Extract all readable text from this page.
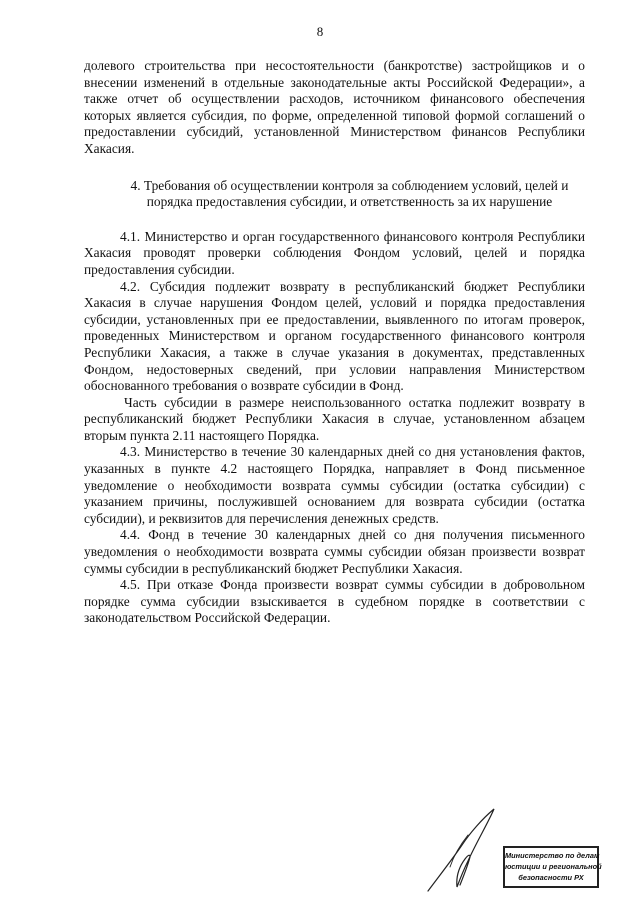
8

долевого строительства при несостоятельности (банкротстве) застройщиков и о внесении изменений в отдельные законодательные акты Российской Федерации», а также отчет об осуществлении расходов, источником финансового обеспечения которых является субсидия, по форме, определенной типовой формой соглашений о предоставлении субсидий, установленной Министерством финансов Республики Хакасия.

4. Требования об осуществлении контроля за соблюдением условий, целей и порядка предоставления субсидии, и ответственность за их нарушение

4.1. Министерство и орган государственного финансового контроля Республики Хакасия проводят проверки соблюдения Фондом условий, целей и порядка предоставления субсидии.

4.2. Субсидия подлежит возврату в республиканский бюджет Республики Хакасия в случае нарушения Фондом целей, условий и порядка предоставления субсидии, установленных при ее предоставлении, выявленного по итогам проверок, проведенных Министерством и органом государственного финансового контроля Республики Хакасия, а также в случае указания в документах, представленных Фондом, недостоверных сведений, при условии направления Министерством обоснованного требования о возврате субсидии в Фонд.

Часть субсидии в размере неиспользованного остатка подлежит возврату в республиканский бюджет Республики Хакасия в случае, установленном абзацем вторым пункта 2.11 настоящего Порядка.

4.3. Министерство в течение 30 календарных дней со дня установления фактов, указанных в пункте 4.2 настоящего Порядка, направляет в Фонд письменное уведомление о необходимости возврата суммы субсидии (остатка субсидии) с указанием причины, послужившей основанием для возврата субсидии (остатка субсидии), и реквизитов для перечисления денежных средств.

4.4. Фонд в течение 30 календарных дней со дня получения письменного уведомления о необходимости возврата суммы субсидии обязан произвести возврат суммы субсидии в республиканский бюджет Республики Хакасия.

4.5. При отказе Фонда произвести возврат суммы субсидии в добровольном порядке сумма субсидии взыскивается в судебном порядке в соответствии с законодательством Российской Федерации.

Министерство по делам
юстиции и региональной
безопасности РХ
